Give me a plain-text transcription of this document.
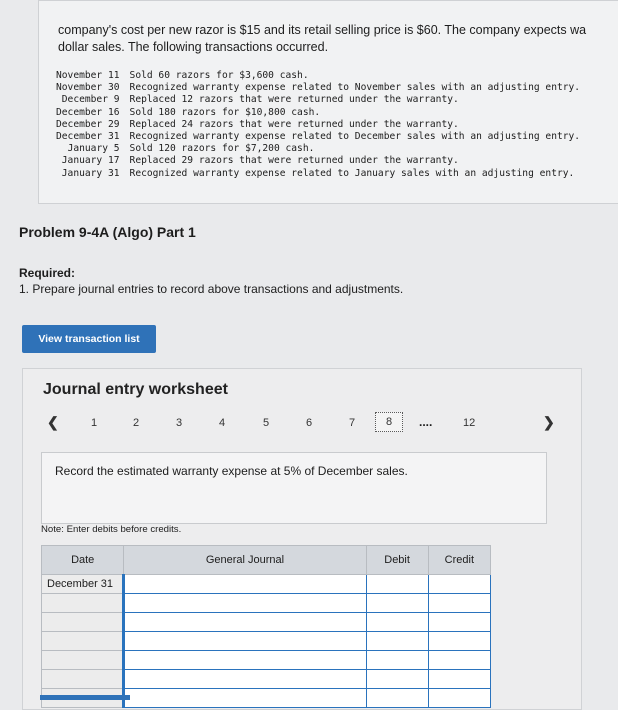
company's cost per new razor is $15 and its retail selling price is $60. The company expects wa
dollar sales. The following transactions occurred.

November 11	Sold 60 razors for $3,600 cash.
November 30	Recognized warranty expense related to November sales with an adjusting entry.
December 9	Replaced 12 razors that were returned under the warranty.
December 16	Sold 180 razors for $10,800 cash.
December 29	Replaced 24 razors that were returned under the warranty.
December 31	Recognized warranty expense related to December sales with an adjusting entry.
January 5	Sold 120 razors for $7,200 cash.
January 17	Replaced 29 razors that were returned under the warranty.
January 31	Recognized warranty expense related to January sales with an adjusting entry.
Problem 9-4A (Algo) Part 1

Required:

1. Prepare journal entries to record above transactions and adjustments.

View transaction list
Journal entry worksheet
❮	1	2	3	4	5	6	7	8	....	12	❯

Record the estimated warranty expense at 5% of December sales.

Note: Enter debits before credits.

Date	General Journal	Debit	Credit
December 31			
